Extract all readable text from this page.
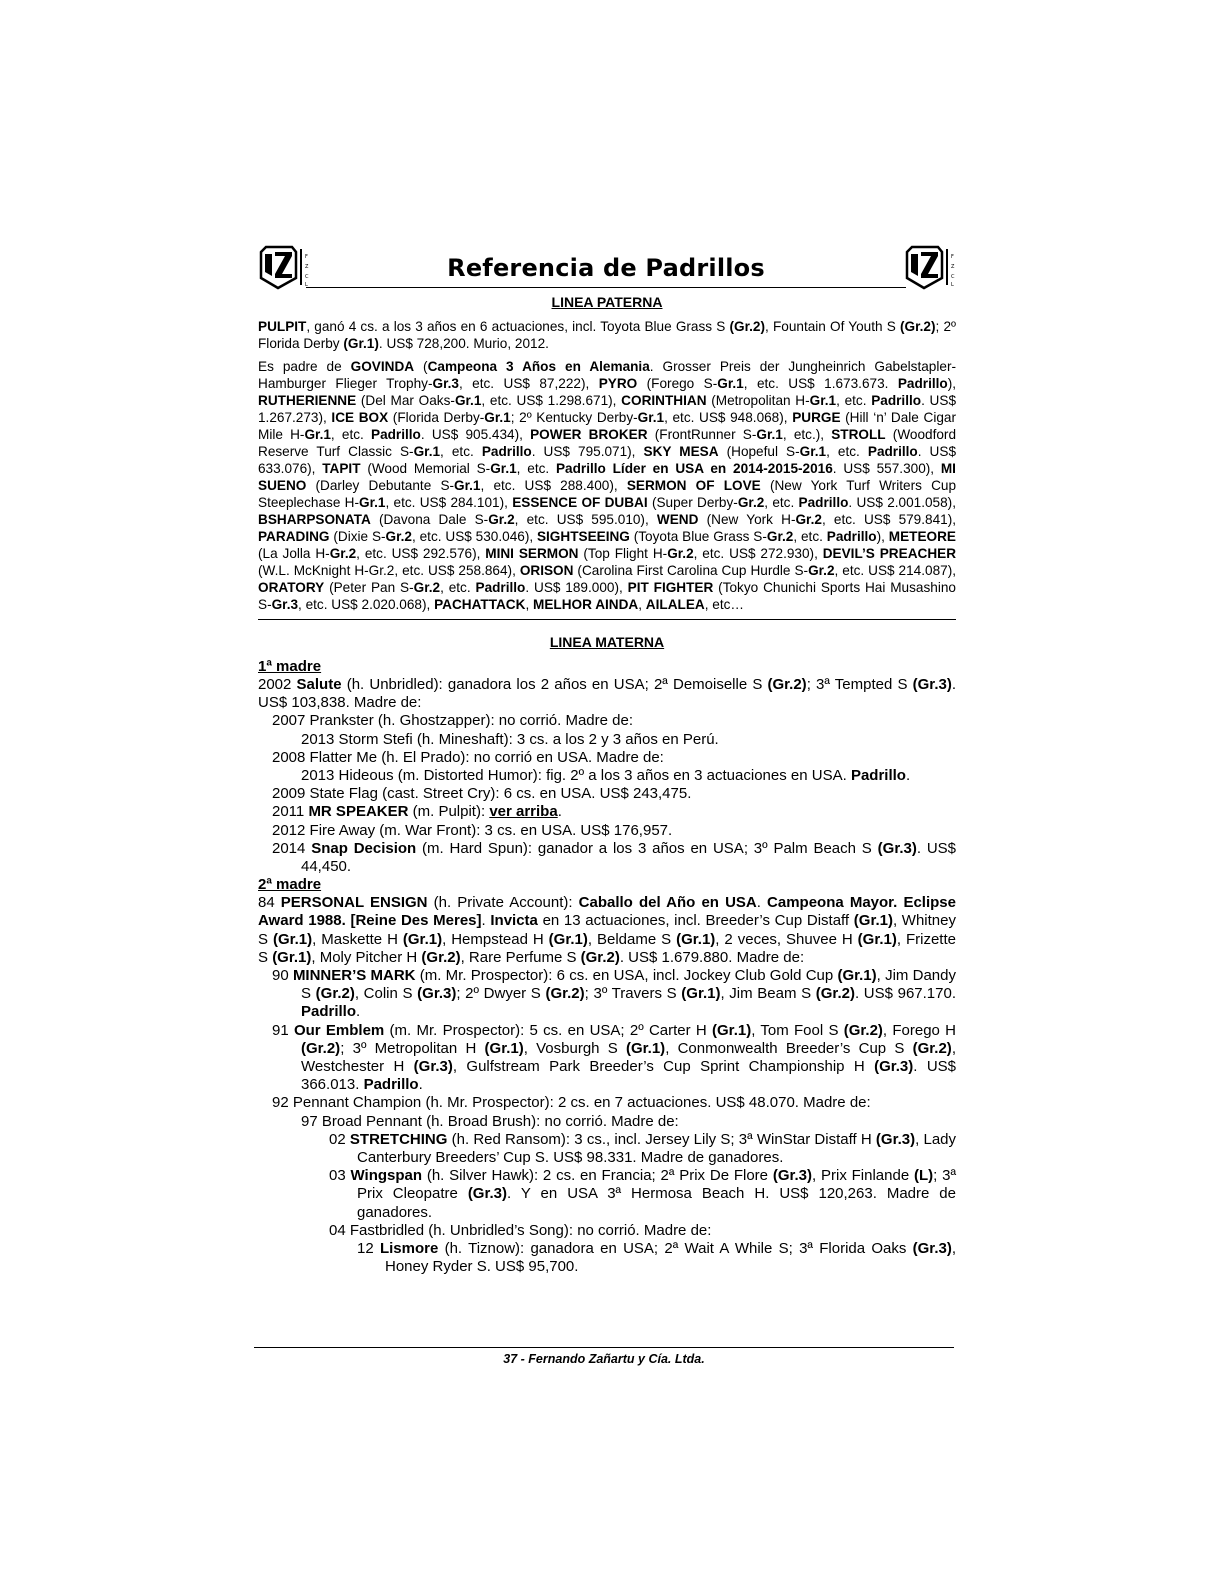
F
Z
C
L
Referencia de Padrillos	F
Z
C
L
LINEA PATERNA

PULPIT, ganó 4 cs. a los 3 años en 6 actuaciones, incl. Toyota Blue Grass S (Gr.2), Fountain Of Youth S (Gr.2); 2º Florida Derby (Gr.1). US$ 728,200. Murio, 2012.

Es padre de GOVINDA (Campeona 3 Años en Alemania. Grosser Preis der Jungheinrich Gabelstapler-Hamburger Flieger Trophy-Gr.3, etc. US$ 87,222), PYRO (Forego S-Gr.1, etc. US$ 1.673.673. Padrillo), RUTHERIENNE (Del Mar Oaks-Gr.1, etc. US$ 1.298.671), CORINTHIAN (Metropolitan H-Gr.1, etc. Padrillo. US$ 1.267.273), ICE BOX (Florida Derby-Gr.1; 2º Kentucky Derby-Gr.1, etc. US$ 948.068), PURGE (Hill ‘n’ Dale Cigar Mile H-Gr.1, etc. Padrillo. US$ 905.434), POWER BROKER (FrontRunner S-Gr.1, etc.), STROLL (Woodford Reserve Turf Classic S-Gr.1, etc. Padrillo. US$ 795.071), SKY MESA (Hopeful S-Gr.1, etc. Padrillo. US$ 633.076), TAPIT (Wood Memorial S-Gr.1, etc. Padrillo Líder en USA en 2014-2015-2016. US$ 557.300), MI SUENO (Darley Debutante S-Gr.1, etc. US$ 288.400), SERMON OF LOVE (New York Turf Writers Cup Steeplechase H-Gr.1, etc. US$ 284.101), ESSENCE OF DUBAI (Super Derby-Gr.2, etc. Padrillo. US$ 2.001.058), BSHARPSONATA (Davona Dale S-Gr.2, etc. US$ 595.010), WEND (New York H-Gr.2, etc. US$ 579.841), PARADING (Dixie S-Gr.2, etc. US$ 530.046), SIGHTSEEING (Toyota Blue Grass S-Gr.2, etc. Padrillo), METEORE (La Jolla H-Gr.2, etc. US$ 292.576), MINI SERMON (Top Flight H-Gr.2, etc. US$ 272.930), DEVIL’S PREACHER (W.L. McKnight H-Gr.2, etc. US$ 258.864), ORISON (Carolina First Carolina Cup Hurdle S-Gr.2, etc. US$ 214.087), ORATORY (Peter Pan S-Gr.2, etc. Padrillo. US$ 189.000), PIT FIGHTER (Tokyo Chunichi Sports Hai Musashino S-Gr.3, etc. US$ 2.020.068), PACHATTACK, MELHOR AINDA, AILALEA, etc…

LINEA MATERNA
1ª madre
2002 Salute (h. Unbridled): ganadora los 2 años en USA; 2ª Demoiselle S (Gr.2); 3ª Tempted S (Gr.3). US$ 103,838. Madre de:
2007 Prankster (h. Ghostzapper): no corrió. Madre de:
2013 Storm Stefi (h. Mineshaft): 3 cs. a los 2 y 3 años en Perú.
2008 Flatter Me (h. El Prado): no corrió en USA. Madre de:
2013 Hideous (m. Distorted Humor): fig. 2º a los 3 años en 3 actuaciones en USA. Padrillo.
2009 State Flag (cast. Street Cry): 6 cs. en USA. US$ 243,475.
2011 MR SPEAKER (m. Pulpit): ver arriba.
2012 Fire Away (m. War Front): 3 cs. en USA. US$ 176,957.
2014 Snap Decision (m. Hard Spun): ganador a los 3 años en USA; 3º Palm Beach S (Gr.3). US$ 44,450.
2ª madre
84 PERSONAL ENSIGN (h. Private Account): Caballo del Año en USA. Campeona Mayor. Eclipse Award 1988. [Reine Des Meres]. Invicta en 13 actuaciones, incl. Breeder’s Cup Distaff (Gr.1), Whitney S (Gr.1), Maskette H (Gr.1), Hempstead H (Gr.1), Beldame S (Gr.1), 2 veces, Shuvee H (Gr.1), Frizette S (Gr.1), Moly Pitcher H (Gr.2), Rare Perfume S (Gr.2). US$ 1.679.880. Madre de:
90 MINNER’S MARK (m. Mr. Prospector): 6 cs. en USA, incl. Jockey Club Gold Cup (Gr.1), Jim Dandy S (Gr.2), Colin S (Gr.3); 2º Dwyer S (Gr.2); 3º Travers S (Gr.1), Jim Beam S (Gr.2). US$ 967.170. Padrillo.
91 Our Emblem (m. Mr. Prospector): 5 cs. en USA; 2º Carter H (Gr.1), Tom Fool S (Gr.2), Forego H (Gr.2); 3º Metropolitan H (Gr.1), Vosburgh S (Gr.1), Conmonwealth Breeder’s Cup S (Gr.2), Westchester H (Gr.3), Gulfstream Park Breeder’s Cup Sprint Championship H (Gr.3). US$ 366.013. Padrillo.
92 Pennant Champion (h. Mr. Prospector): 2 cs. en 7 actuaciones. US$ 48.070. Madre de:
97 Broad Pennant (h. Broad Brush): no corrió. Madre de:
02 STRETCHING (h. Red Ransom): 3 cs., incl. Jersey Lily S; 3ª WinStar Distaff H (Gr.3), Lady Canterbury Breeders’ Cup S. US$ 98.331. Madre de ganadores.
03 Wingspan (h. Silver Hawk): 2 cs. en Francia; 2ª Prix De Flore (Gr.3), Prix Finlande (L); 3ª Prix Cleopatre (Gr.3). Y en USA 3ª Hermosa Beach H. US$ 120,263. Madre de ganadores.
04 Fastbridled (h. Unbridled’s Song): no corrió. Madre de:
12 Lismore (h. Tiznow): ganadora en USA; 2ª Wait A While S; 3ª Florida Oaks (Gr.3), Honey Ryder S. US$ 95,700.
37 - Fernando Zañartu y Cía. Ltda.
